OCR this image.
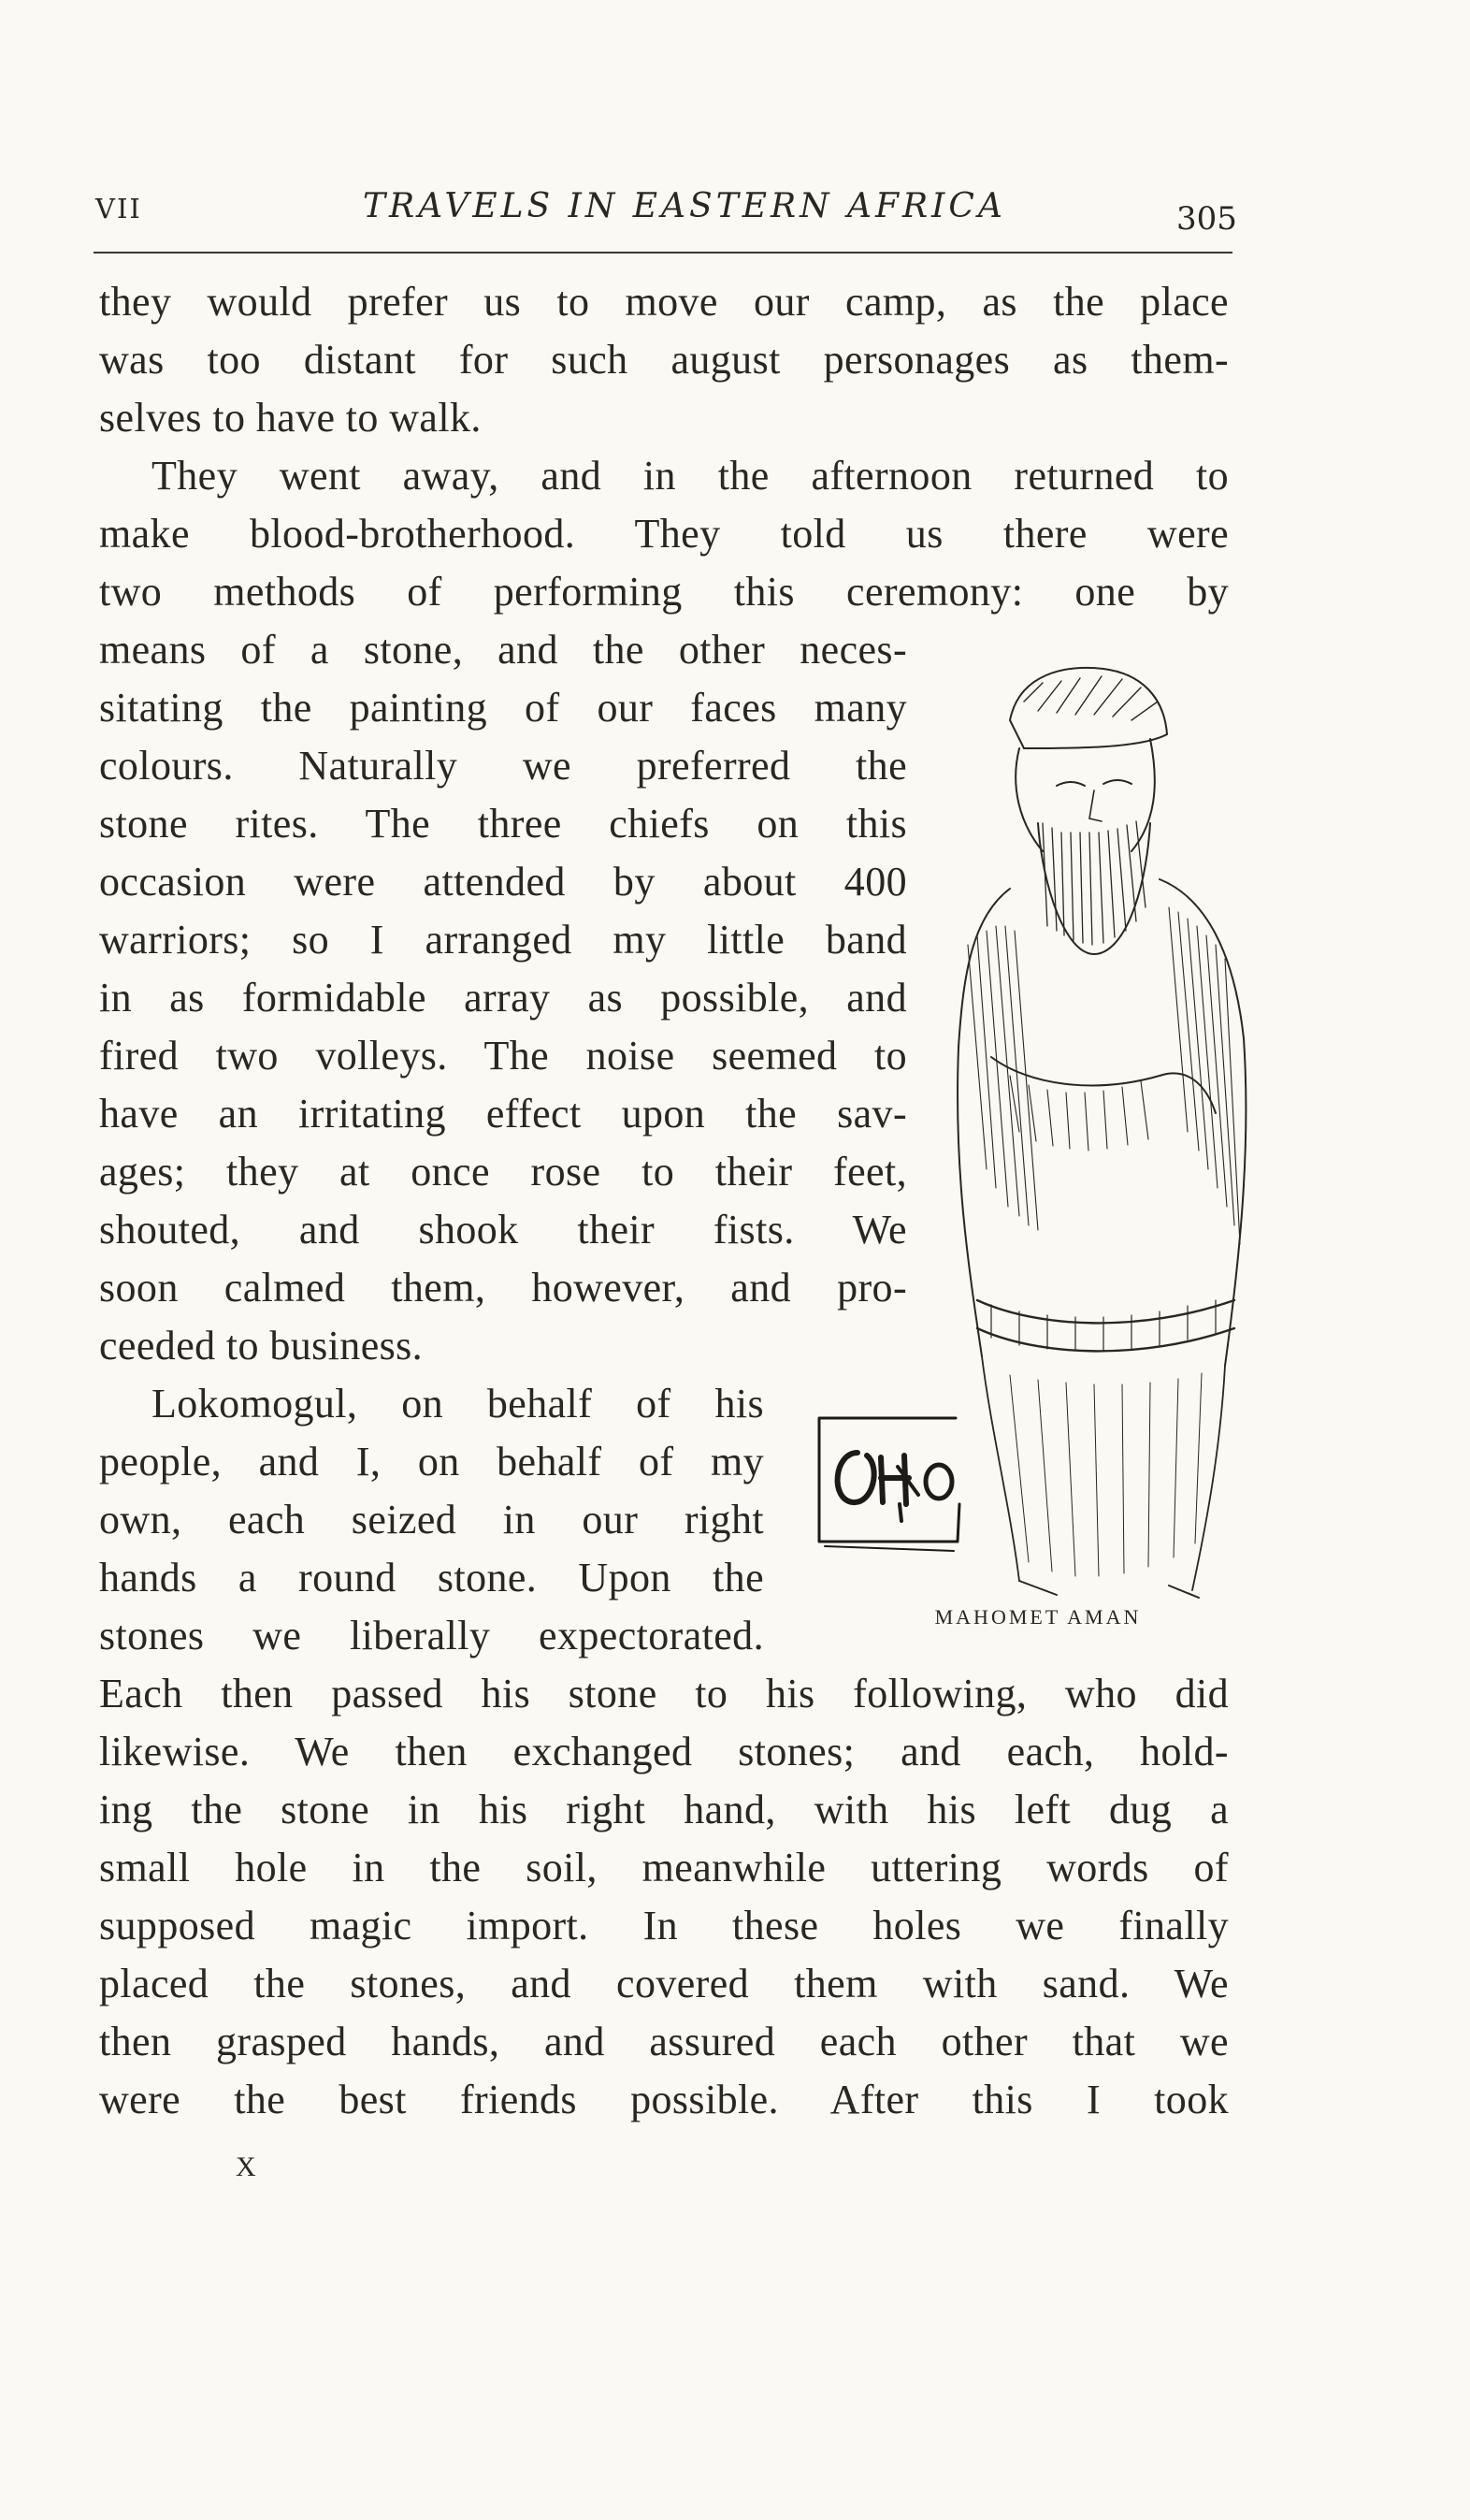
VII	TRAVELS IN EASTERN AFRICA	305
they would prefer us to move our camp, as the place
was too distant for such august personages as them-
selves to have to walk.
They went away, and in the afternoon returned to
make blood-brotherhood. They told us there were
two methods of performing this ceremony: one by
means of a stone, and the other neces-
sitating the painting of our faces many
colours. Naturally we preferred the
stone rites. The three chiefs on this
occasion were attended by about 400
warriors; so I arranged my little band
in as formidable array as possible, and
fired two volleys. The noise seemed to
have an irritating effect upon the sav-
ages; they at once rose to their feet,
shouted, and shook their fists. We
soon calmed them, however, and pro-
ceeded to business.
Lokomogul, on behalf of his
people, and I, on behalf of my
own, each seized in our right
hands a round stone. Upon the
stones we liberally expectorated.
Each then passed his stone to his following, who did
likewise. We then exchanged stones; and each, hold-
ing the stone in his right hand, with his left dug a
small hole in the soil, meanwhile uttering words of
supposed magic import. In these holes we finally
placed the stones, and covered them with sand. We
then grasped hands, and assured each other that we
were the best friends possible. After this I took
MAHOMET AMAN
X
